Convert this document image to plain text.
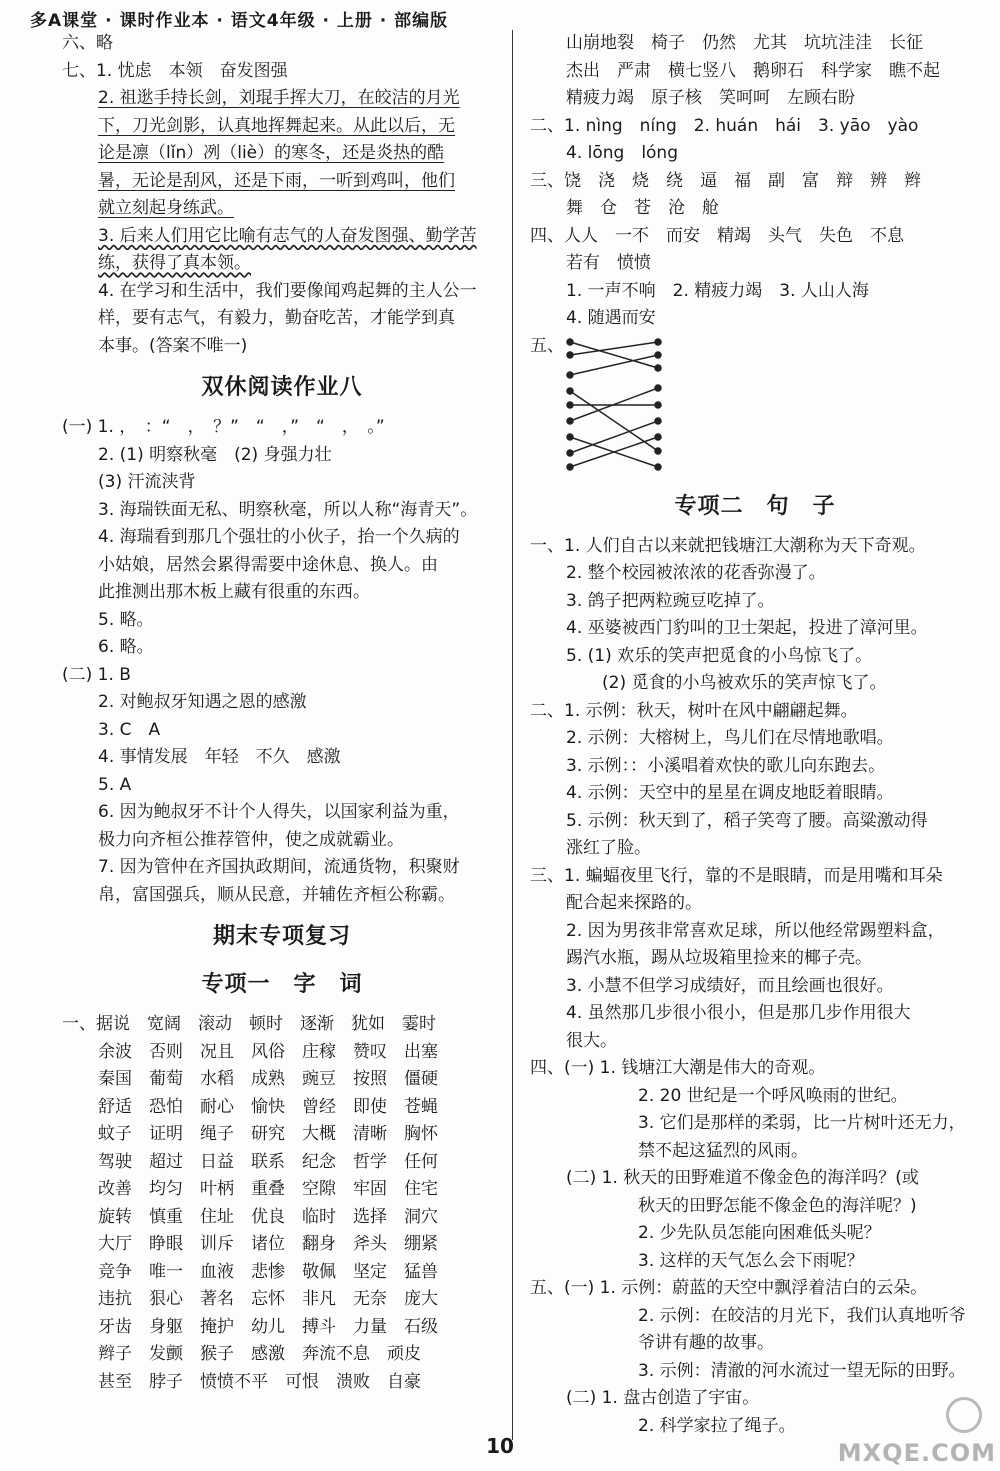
多A课堂 · 课时作业本 · 语文4年级 · 上册 · 部编版
六、略
七、1. 忧虑　本领　奋发图强
2. 祖逖手持长剑，刘琨手挥大刀，在皎洁的月光
下，刀光剑影，认真地挥舞起来。从此以后，无
论是凛（lǐn）冽（liè）的寒冬，还是炎热的酷
暑，无论是刮风，还是下雨，一听到鸡叫，他们
就立刻起身练武。
3. 后来人们用它比喻有志气的人奋发图强、勤学苦
练，获得了真本领。
4. 在学习和生活中，我们要像闻鸡起舞的主人公一
样，要有志气，有毅力，勤奋吃苦，才能学到真
本事。(答案不唯一)
双休阅读作业八
(一) 1. ，　：“　，　？”　“　，”　“　，　。”
2. (1) 明察秋毫　(2) 身强力壮
(3) 汗流浃背
3. 海瑞铁面无私、明察秋毫，所以人称“海青天”。
4. 海瑞看到那几个强壮的小伙子，抬一个久病的
小姑娘，居然会累得需要中途休息、换人。由
此推测出那木板上藏有很重的东西。
5. 略。
6. 略。
(二) 1. B
2. 对鲍叔牙知遇之恩的感激
3. C　A
4. 事情发展　年轻　不久　感激
5. A
6. 因为鲍叔牙不计个人得失，以国家利益为重，
极力向齐桓公推荐管仲，使之成就霸业。
7. 因为管仲在齐国执政期间，流通货物，积聚财
帛，富国强兵，顺从民意，并辅佐齐桓公称霸。
期末专项复习
专项一　字　词
一、据说　宽阔　滚动　顿时　逐渐　犹如　霎时
余波　否则　况且　风俗　庄稼　赞叹　出塞
秦国　葡萄　水稻　成熟　豌豆　按照　僵硬
舒适　恐怕　耐心　愉快　曾经　即使　苍蝇
蚊子　证明　绳子　研究　大概　清晰　胸怀
驾驶　超过　日益　联系　纪念　哲学　任何
改善　均匀　叶柄　重叠　空隙　牢固　住宅
旋转　慎重　住址　优良　临时　选择　洞穴
大厅　睁眼　训斥　诸位　翻身　斧头　绷紧
竞争　唯一　血液　悲惨　敬佩　坚定　猛兽
违抗　狠心　著名　忘怀　非凡　无奈　庞大
牙齿　身躯　掩护　幼儿　搏斗　力量　石级
辫子　发颤　猴子　感激　奔流不息　顽皮
甚至　脖子　愤愤不平　可恨　溃败　自豪
山崩地裂　椅子　仍然　尤其　坑坑洼洼　长征
杰出　严肃　横七竖八　鹅卵石　科学家　瞧不起
精疲力竭　原子核　笑呵呵　左顾右盼
二、1. nìng　níng　2. huán　hái　3. yāo　yào
4. lōng　lóng
三、饶　浇　烧　绕　逼　福　副　富　辩　辨　辫
舞　仓　苍　沧　舱
四、人人　一不　而安　精竭　头气　失色　不息
若有　愤愤
1. 一声不响　2. 精疲力竭　3. 人山人海
4. 随遇而安
五、
专项二　句　子
一、1. 人们自古以来就把钱塘江大潮称为天下奇观。
2. 整个校园被浓浓的花香弥漫了。
3. 鸽子把两粒豌豆吃掉了。
4. 巫婆被西门豹叫的卫士架起，投进了漳河里。
5. (1) 欢乐的笑声把觅食的小鸟惊飞了。
(2) 觅食的小鸟被欢乐的笑声惊飞了。
二、1. 示例：秋天，树叶在风中翩翩起舞。
2. 示例：大榕树上，鸟儿们在尽情地歌唱。
3. 示例：：小溪唱着欢快的歌儿向东跑去。
4. 示例：天空中的星星在调皮地眨着眼睛。
5. 示例：秋天到了，稻子笑弯了腰。高粱激动得
涨红了脸。
三、1. 蝙蝠夜里飞行，靠的不是眼睛，而是用嘴和耳朵
配合起来探路的。
2. 因为男孩非常喜欢足球，所以他经常踢塑料盒，
踢汽水瓶，踢从垃圾箱里捡来的椰子壳。
3. 小慧不但学习成绩好，而且绘画也很好。
4. 虽然那几步很小很小，但是那几步作用很大
很大。
四、(一) 1. 钱塘江大潮是伟大的奇观。
2. 20 世纪是一个呼风唤雨的世纪。
3. 它们是那样的柔弱，比一片树叶还无力，
禁不起这猛烈的风雨。
(二) 1. 秋天的田野难道不像金色的海洋吗？(或
秋天的田野怎能不像金色的海洋呢？)
2. 少先队员怎能向困难低头呢？
3. 这样的天气怎么会下雨呢？
五、(一) 1. 示例：蔚蓝的天空中飘浮着洁白的云朵。
2. 示例：在皎洁的月光下，我们认真地听爷
爷讲有趣的故事。
3. 示例：清澈的河水流过一望无际的田野。
(二) 1. 盘古创造了宇宙。
2. 科学家拉了绳子。
10	MXQE.COM
